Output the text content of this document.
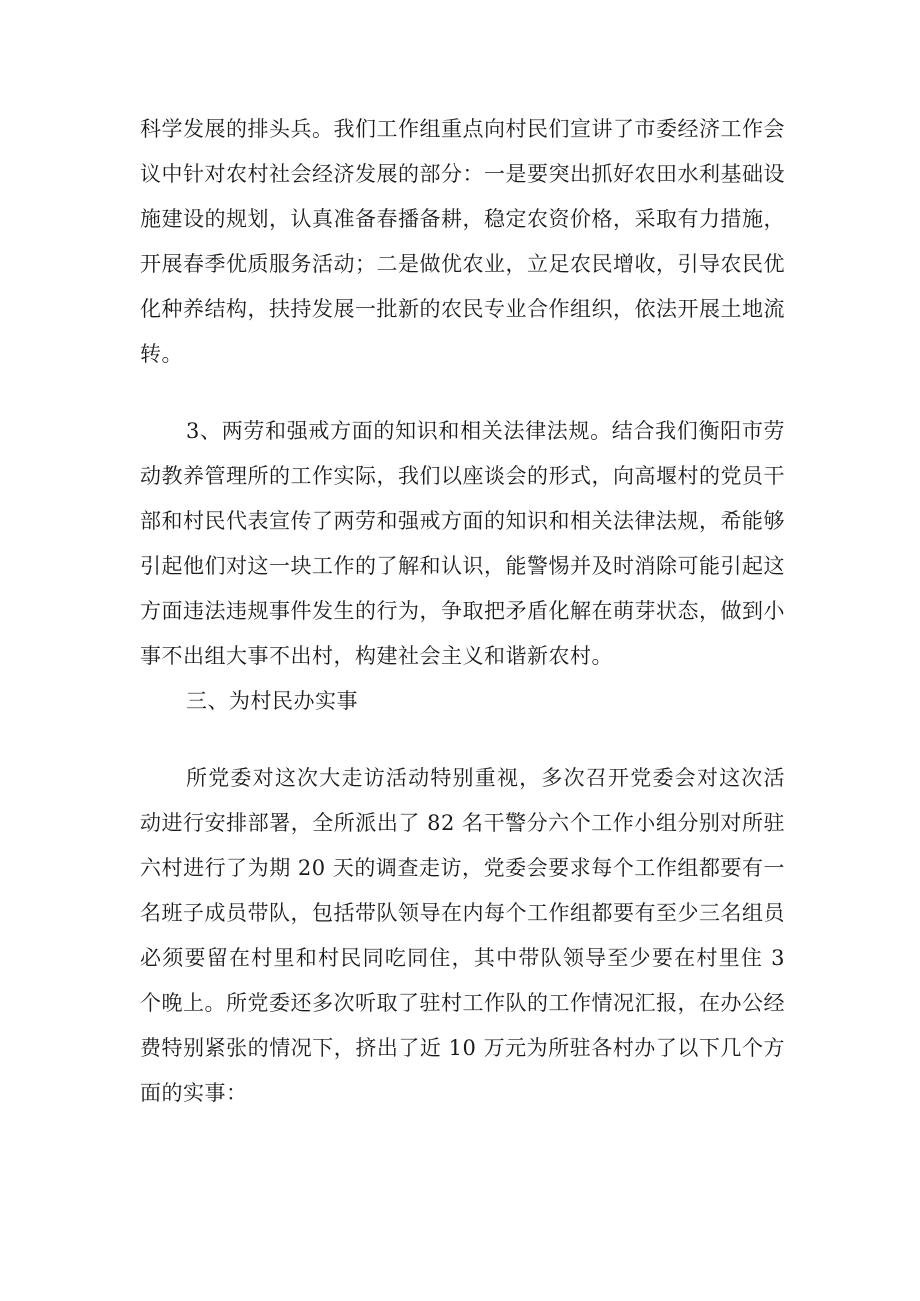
科学发展的排头兵。我们工作组重点向村民们宣讲了市委经济工作会议中针对农村社会经济发展的部分：一是要突出抓好农田水利基础设施建设的规划，认真准备春播备耕，稳定农资价格，采取有力措施，开展春季优质服务活动；二是做优农业，立足农民增收，引导农民优化种养结构，扶持发展一批新的农民专业合作组织，依法开展土地流转。

3、两劳和强戒方面的知识和相关法律法规。结合我们衡阳市劳动教养管理所的工作实际，我们以座谈会的形式，向高堰村的党员干部和村民代表宣传了两劳和强戒方面的知识和相关法律法规，希能够引起他们对这一块工作的了解和认识，能警惕并及时消除可能引起这方面违法违规事件发生的行为，争取把矛盾化解在萌芽状态，做到小事不出组大事不出村，构建社会主义和谐新农村。

三、为村民办实事

所党委对这次大走访活动特别重视，多次召开党委会对这次活动进行安排部署，全所派出了 82 名干警分六个工作小组分别对所驻六村进行了为期 20 天的调查走访，党委会要求每个工作组都要有一名班子成员带队，包括带队领导在内每个工作组都要有至少三名组员必须要留在村里和村民同吃同住，其中带队领导至少要在村里住 3 个晚上。所党委还多次听取了驻村工作队的工作情况汇报，在办公经费特别紧张的情况下，挤出了近 10 万元为所驻各村办了以下几个方面的实事：
